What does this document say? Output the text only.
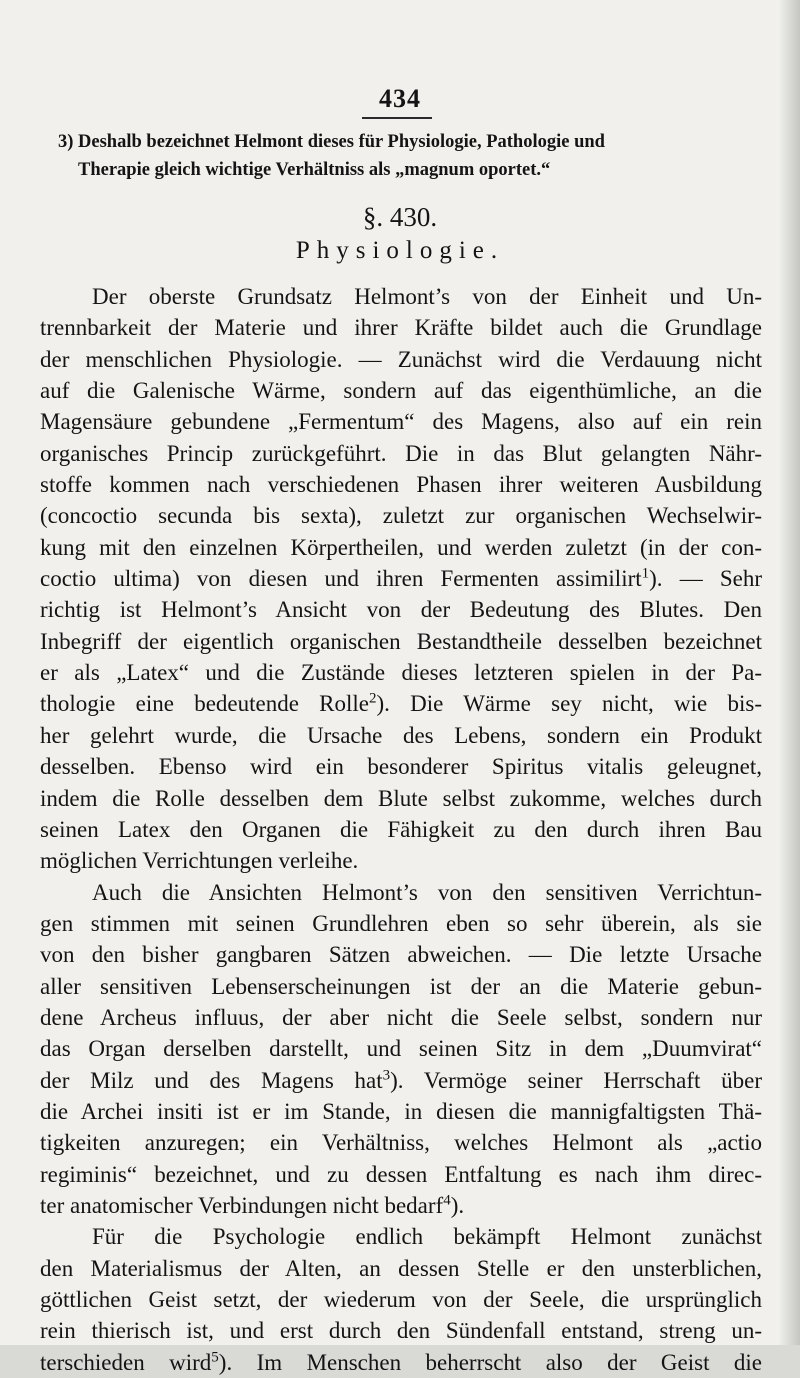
434
3) Deshalb bezeichnet Helmont dieses für Physiologie, Pathologie und
Therapie gleich wichtige Verhältniss als „magnum oportet.“
§. 430.
Physiologie.
Der oberste Grundsatz Helmont’s von der Einheit und Un-
trennbarkeit der Materie und ihrer Kräfte bildet auch die Grundlage
der menschlichen Physiologie. — Zunächst wird die Verdauung nicht
auf die Galenische Wärme, sondern auf das eigenthümliche, an die
Magensäure gebundene „Fermentum“ des Magens, also auf ein rein
organisches Princip zurückgeführt. Die in das Blut gelangten Nähr-
stoffe kommen nach verschiedenen Phasen ihrer weiteren Ausbildung
(concoctio secunda bis sexta), zuletzt zur organischen Wechselwir-
kung mit den einzelnen Körpertheilen, und werden zuletzt (in der con-
coctio ultima) von diesen und ihren Fermenten assimilirt$^1$). — Sehr
richtig ist Helmont’s Ansicht von der Bedeutung des Blutes. Den
Inbegriff der eigentlich organischen Bestandtheile desselben bezeichnet
er als „Latex“ und die Zustände dieses letzteren spielen in der Pa-
thologie eine bedeutende Rolle$^2$). Die Wärme sey nicht, wie bis-
her gelehrt wurde, die Ursache des Lebens, sondern ein Produkt
desselben. Ebenso wird ein besonderer Spiritus vitalis geleugnet,
indem die Rolle desselben dem Blute selbst zukomme, welches durch
seinen Latex den Organen die Fähigkeit zu den durch ihren Bau
möglichen Verrichtungen verleihe.
Auch die Ansichten Helmont’s von den sensitiven Verrichtun-
gen stimmen mit seinen Grundlehren eben so sehr überein, als sie
von den bisher gangbaren Sätzen abweichen. — Die letzte Ursache
aller sensitiven Lebenserscheinungen ist der an die Materie gebun-
dene Archeus influus, der aber nicht die Seele selbst, sondern nur
das Organ derselben darstellt, und seinen Sitz in dem „Duumvirat“
der Milz und des Magens hat$^3$). Vermöge seiner Herrschaft über
die Archei insiti ist er im Stande, in diesen die mannigfaltigsten Thä-
tigkeiten anzuregen; ein Verhältniss, welches Helmont als „actio
regiminis“ bezeichnet, und zu dessen Entfaltung es nach ihm direc-
ter anatomischer Verbindungen nicht bedarf$^4$).
Für die Psychologie endlich bekämpft Helmont zunächst
den Materialismus der Alten, an dessen Stelle er den unsterblichen,
göttlichen Geist setzt, der wiederum von der Seele, die ursprünglich
rein thierisch ist, und erst durch den Sündenfall entstand, streng un-
terschieden wird$^5$). Im Menschen beherrscht also der Geist die
